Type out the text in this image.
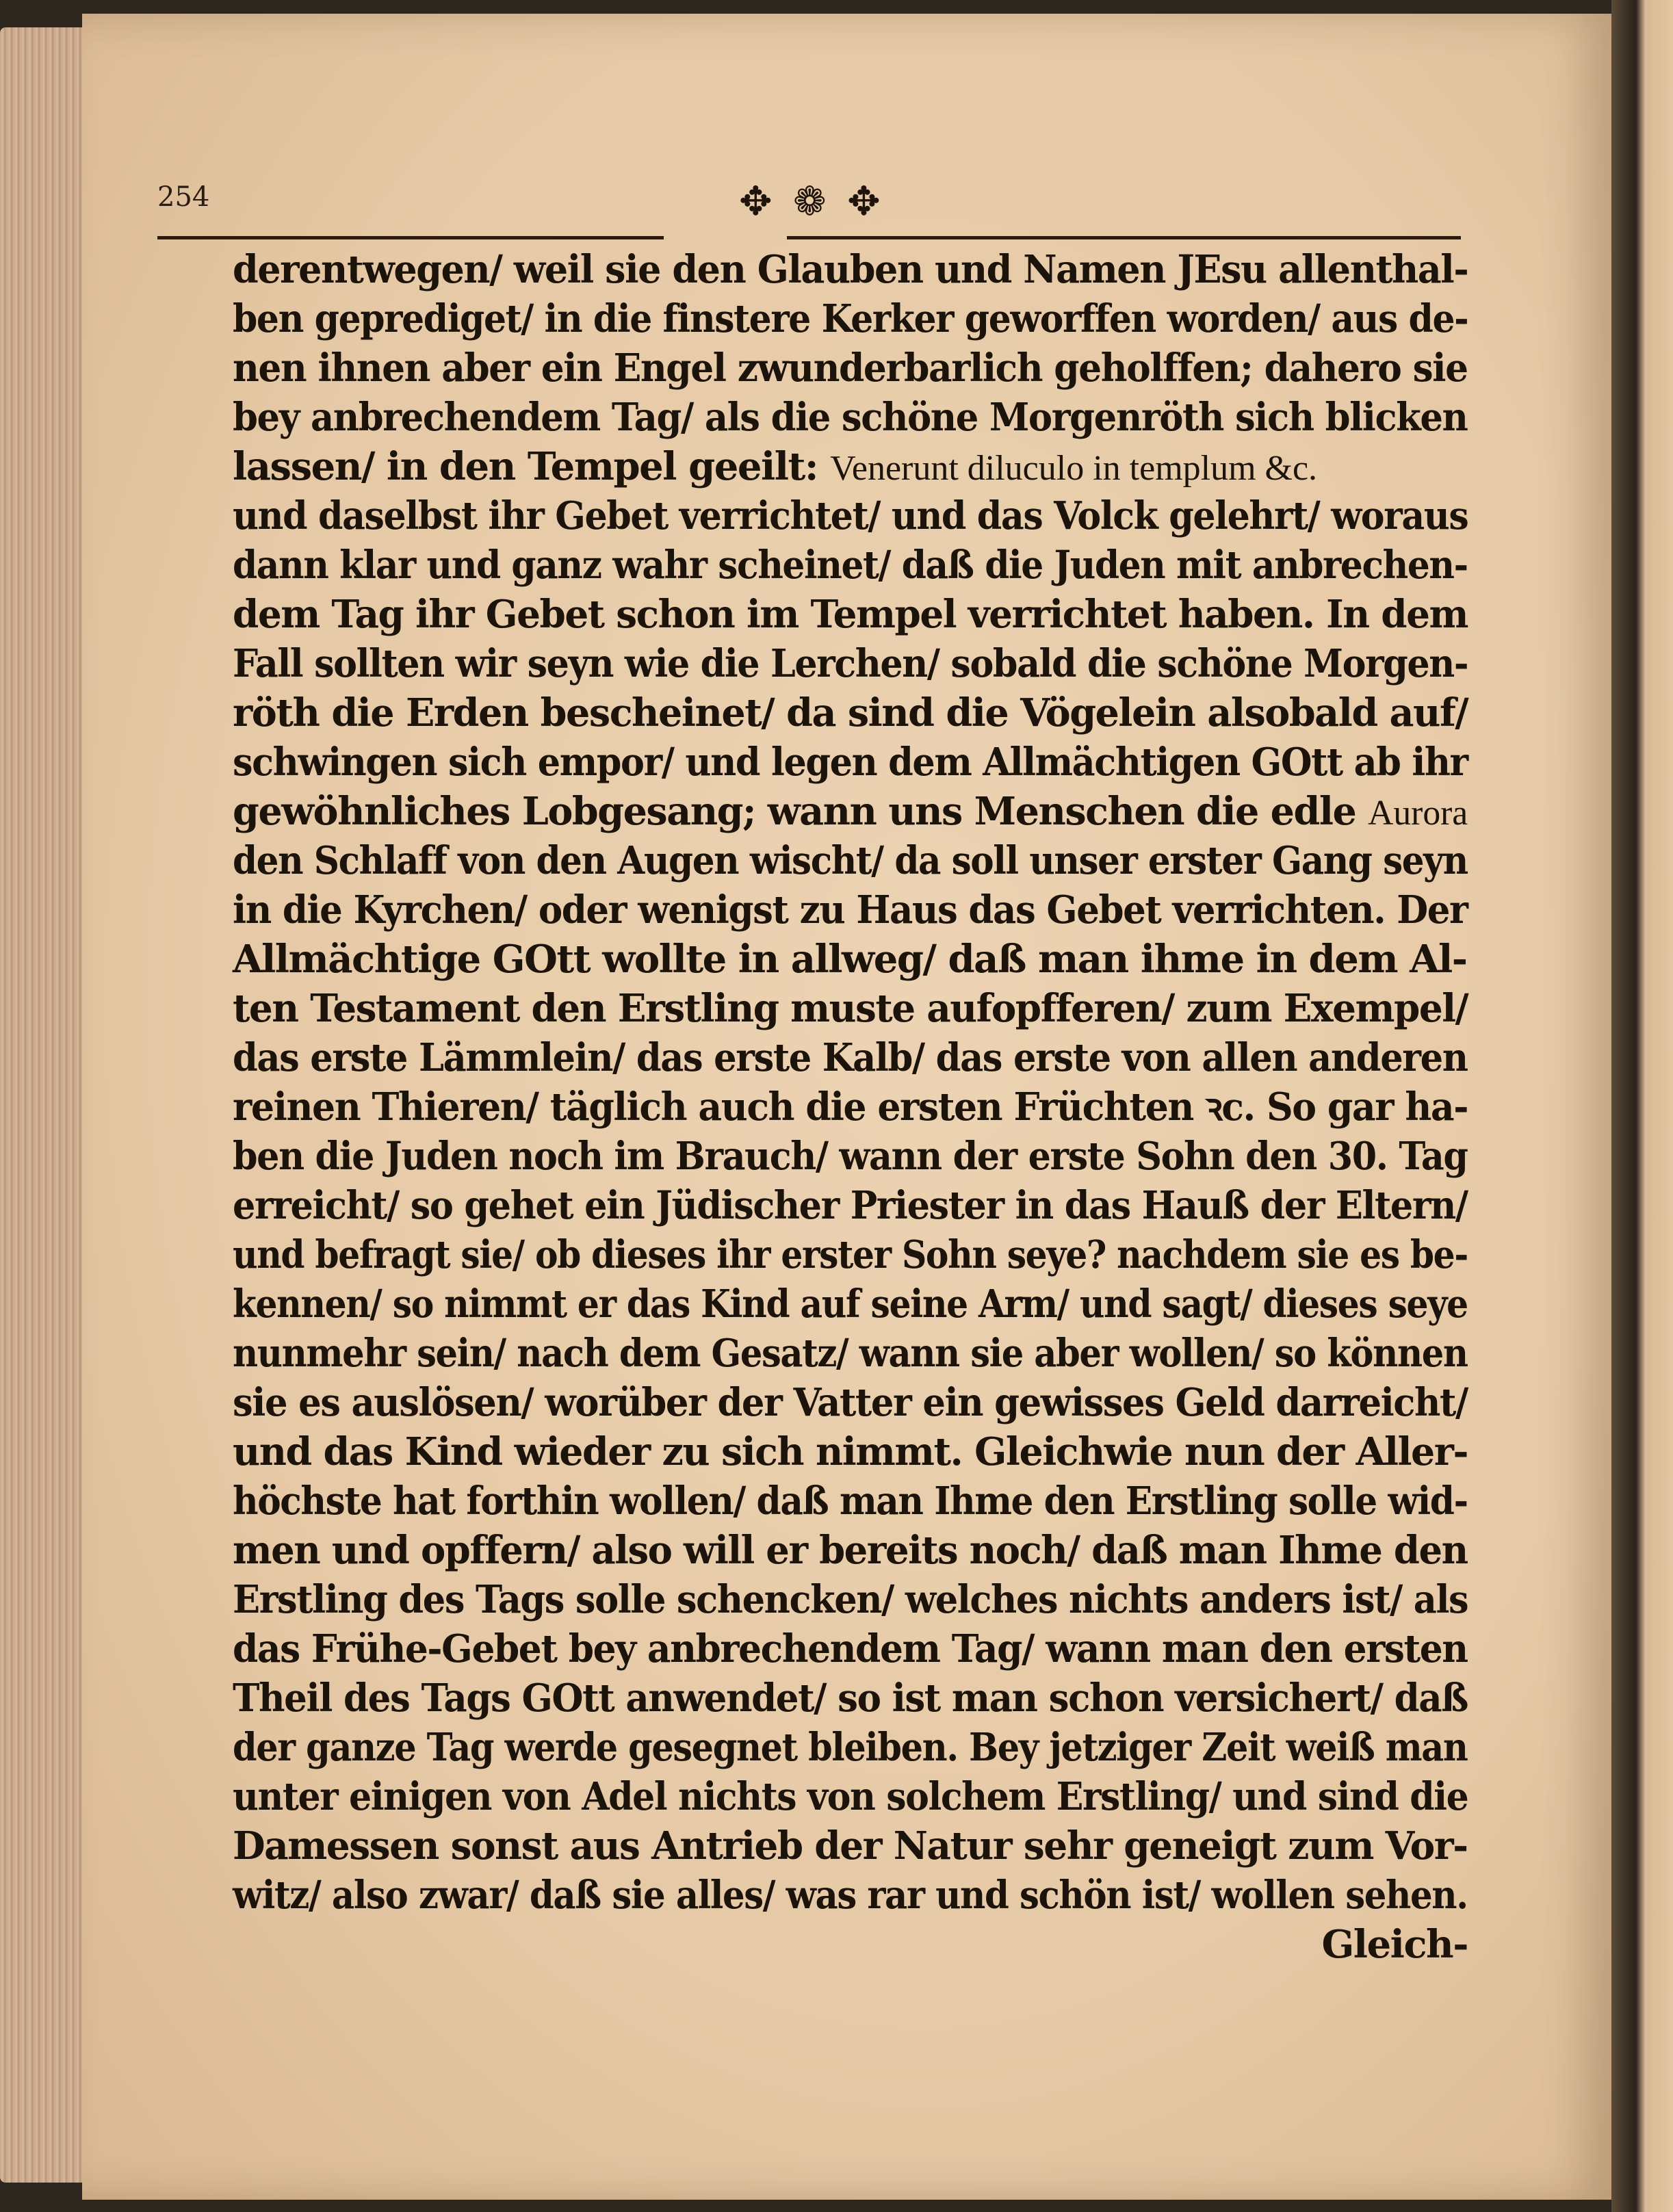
254	✥ ❁ ✥
derentwegen/ weil sie den Glauben und Namen JEsu allenthal-
ben geprediget/ in die finstere Kerker geworffen worden/ aus de-
nen ihnen aber ein Engel zwunderbarlich geholffen; dahero sie
bey anbrechendem Tag/ als die schöne Morgenröth sich blicken
lassen/ in den Tempel geeilt: Venerunt diluculo in templum &c.
und daselbst ihr Gebet verrichtet/ und das Volck gelehrt/ woraus
dann klar und ganz wahr scheinet/ daß die Juden mit anbrechen-
dem Tag ihr Gebet schon im Tempel verrichtet haben. In dem
Fall sollten wir seyn wie die Lerchen/ sobald die schöne Morgen-
röth die Erden bescheinet/ da sind die Vögelein alsobald auf/
schwingen sich empor/ und legen dem Allmächtigen GOtt ab ihr
gewöhnliches Lobgesang; wann uns Menschen die edle Aurora
den Schlaff von den Augen wischt/ da soll unser erster Gang seyn
in die Kyrchen/ oder wenigst zu Haus das Gebet verrichten. Der
Allmächtige GOtt wollte in allweg/ daß man ihme in dem Al-
ten Testament den Erstling muste aufopfferen/ zum Exempel/
das erste Lämmlein/ das erste Kalb/ das erste von allen anderen
reinen Thieren/ täglich auch die ersten Früchten ꝛc. So gar ha-
ben die Juden noch im Brauch/ wann der erste Sohn den 30. Tag
erreicht/ so gehet ein Jüdischer Priester in das Hauß der Eltern/
und befragt sie/ ob dieses ihr erster Sohn seye? nachdem sie es be-
kennen/ so nimmt er das Kind auf seine Arm/ und sagt/ dieses seye
nunmehr sein/ nach dem Gesatz/ wann sie aber wollen/ so können
sie es auslösen/ worüber der Vatter ein gewisses Geld darreicht/
und das Kind wieder zu sich nimmt. Gleichwie nun der Aller-
höchste hat forthin wollen/ daß man Ihme den Erstling solle wid-
men und opffern/ also will er bereits noch/ daß man Ihme den
Erstling des Tags solle schencken/ welches nichts anders ist/ als
das Frühe-Gebet bey anbrechendem Tag/ wann man den ersten
Theil des Tags GOtt anwendet/ so ist man schon versichert/ daß
der ganze Tag werde gesegnet bleiben. Bey jetziger Zeit weiß man
unter einigen von Adel nichts von solchem Erstling/ und sind die
Damessen sonst aus Antrieb der Natur sehr geneigt zum Vor-
witz/ also zwar/ daß sie alles/ was rar und schön ist/ wollen sehen.
Gleich-
